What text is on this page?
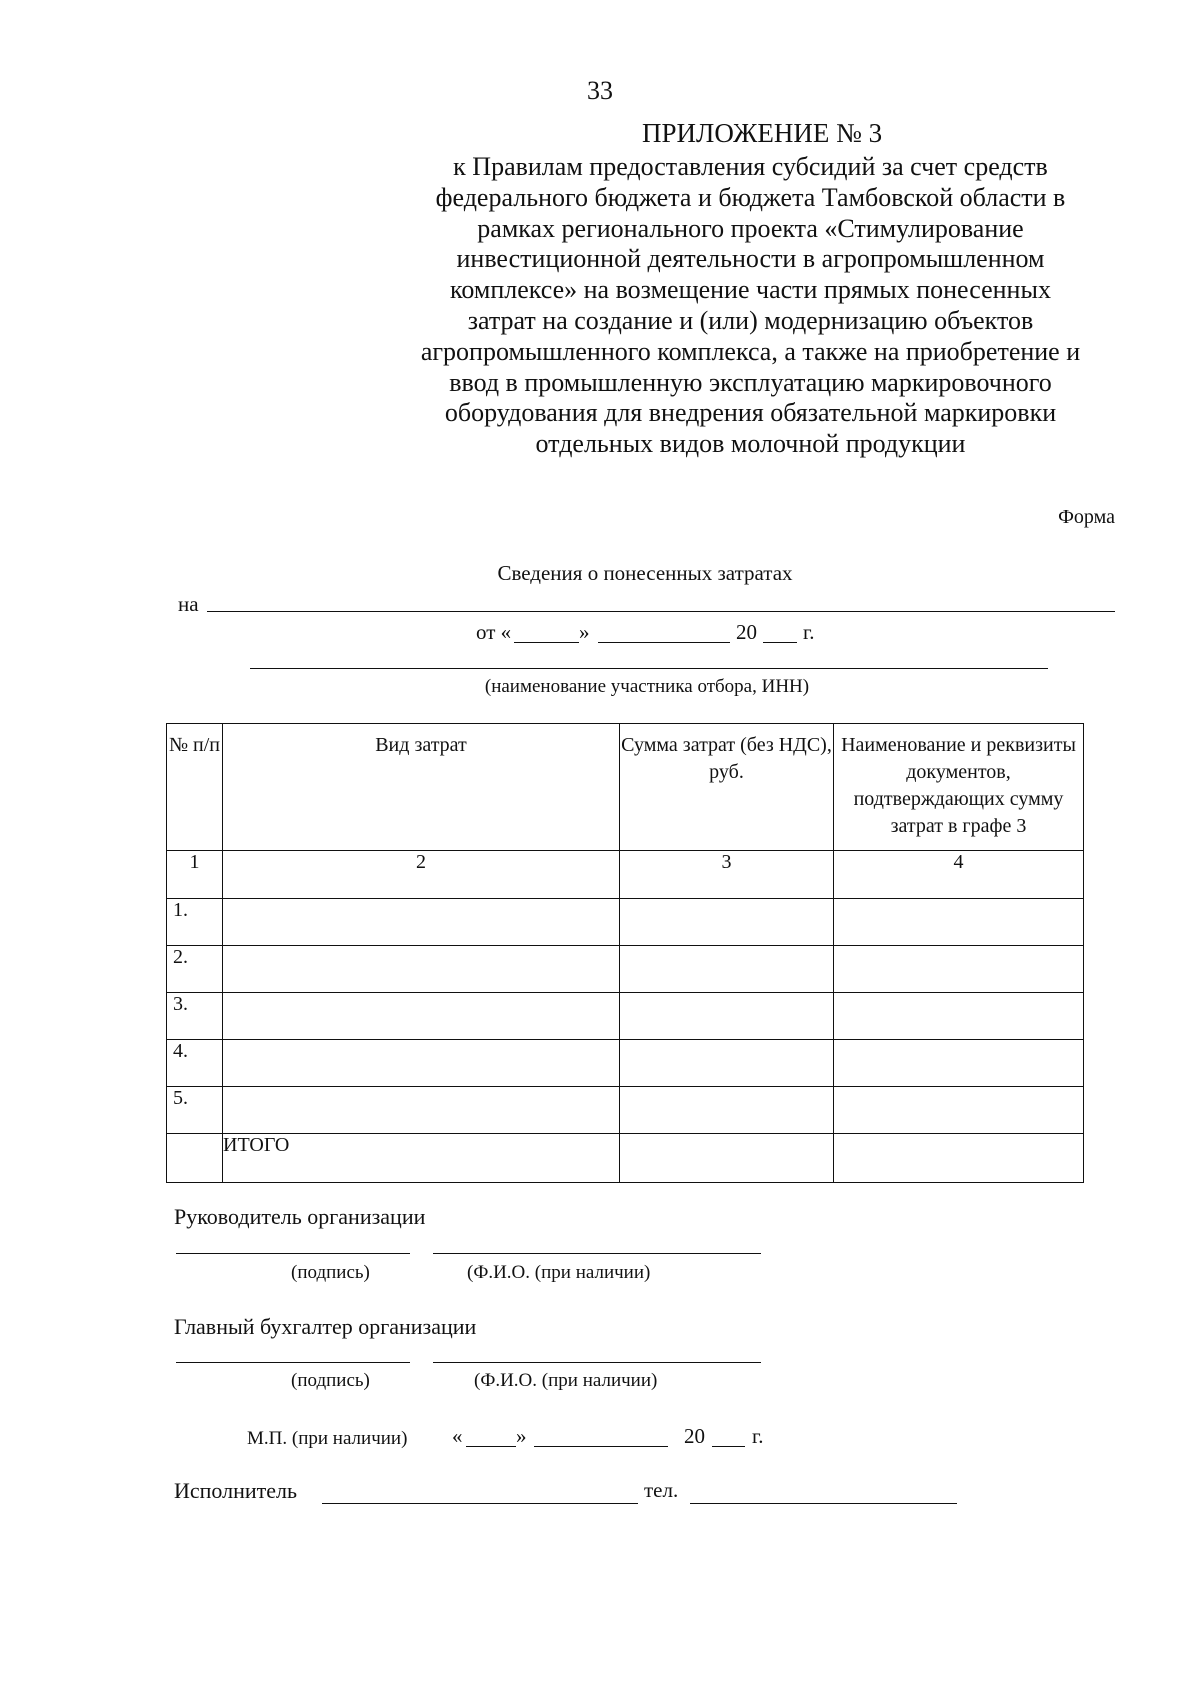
33
ПРИЛОЖЕНИЕ № 3
к Правилам предоставления субсидий за счет средств
федерального бюджета и бюджета Тамбовской области в
рамках регионального проекта «Стимулирование
инвестиционной деятельности в агропромышленном
комплексе» на возмещение части прямых понесенных
затрат на создание и (или) модернизацию объектов
агропромышленного комплекса, а также на приобретение и
ввод в промышленную эксплуатацию маркировочного
оборудования для внедрения обязательной маркировки
отдельных видов молочной продукции
Форма
Сведения о понесенных затратах
на
от «	»	20 г.
(наименование участника отбора, ИНН)
№ п/п	Вид затрат	Сумма затрат (без НДС), руб.	Наименование и реквизиты документов, подтверждающих сумму затрат в графе 3

1	2	3	4
1.			
2.			
3.			
4.			
5.			
	ИТОГО		
Руководитель организации
(подпись)	(Ф.И.О. (при наличии)
Главный бухгалтер организации
(подпись)	(Ф.И.О. (при наличии)
М.П. (при наличии) «	»	20 г.
Исполнитель	тел.
